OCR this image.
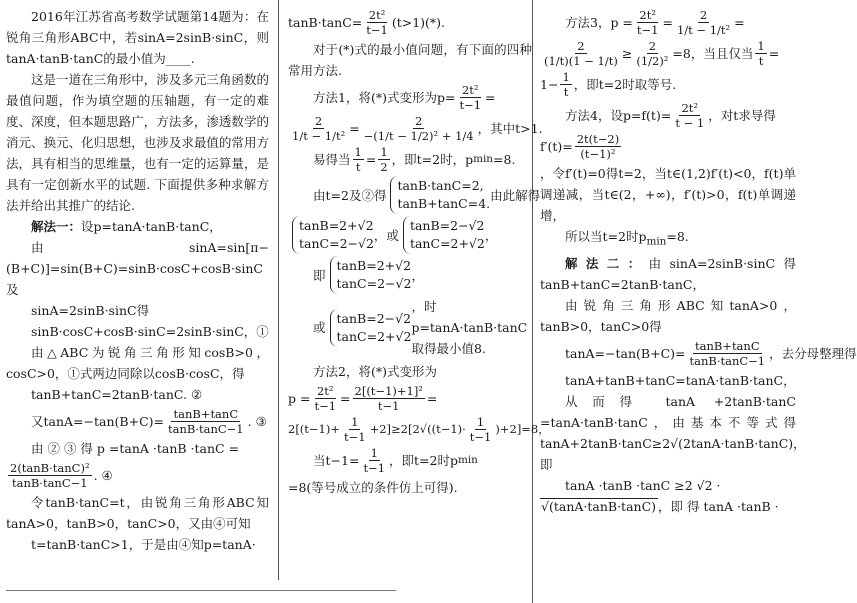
2016年江苏省高考数学试题第14题为：在锐角三角形ABC中，若sinA=2sinB·sinC，则tanA·tanB·tanC的最小值为____.

这是一道在三角形中，涉及多元三角函数的最值问题，作为填空题的压轴题，有一定的难度、深度，但本题思路广，方法多，渗透数学的消元、换元、化归思想，也涉及求最值的常用方法，具有相当的思维量，也有一定的运算量，是具有一定创新水平的试题. 下面提供多种求解方法并给出其推广的结论.

解法一：设p=tanA·tanB·tanC，

由sinA=sin[π−(B+C)]=sin(B+C)=sinB·cosC+cosB·sinC及

sinA=2sinB·sinC得

sinB·cosC+cosB·sinC=2sinB·sinC，①

由△ABC为锐角三角形知cosB>0，cosC>0，①式两边同除以cosB·cosC，得

tanB+tanC=2tanB·tanC. ②

又$\tan A=-\tan(B+C)= \frac{\tan B+\tan C}{\tan B\cdot\tan C-1}$ . ③

由 ② ③ 得 p =tanA ·tanB ·tanC =

$\frac{\text{2(tanB·tanC)²}}{\tan B\cdot\tan C-1}$ . ④

令tanB·tanC=t，由锐角三角形ABC知tanA>0，tanB>0，tanC>0，又由④可知

t=tanB·tanC>1，于是由④知p=tanA·

$\tan B\cdot\tan C= \frac{\text{2t²}}{t-1} (t>1)(*)$.

对于(*)式的最小值问题，有下面的四种常用方法.

方法1，将(*)式变形为$p= \frac{\text{2t²}}{t-1}$ =
$\frac{2}{\text{1/t − 1/t²}} = \frac{2}{\text{−(1/t − 1/2)² + 1/4}}$ ，其中t>1.
易得当 $\frac{1}{t} = \frac{1}{2}$ ，即t=2时，p min =8.
由t=2及②得
tanB·tanC=2,
tanB+tanC=4.
由此解得
tanB=2+√2
tanC=2−√2
，或
tanB=2−√2
tanC=2+√2
，
即
tanB=2+√2
tanC=2−√2
，
或
tanB=2−√2
tanC=2+√2
，时p=tanA·tanB·tanC取得最小值8.

方法2，将(*)式变形为

$p = \frac{\text{2t²}}{t-1} = \frac{\text{2[(t−1)+1]²}}{t-1}$ =
$2[(t-1)+ \frac{1}{t-1} +2]\ge 2[2√((t-1)\cdot \frac{1}{t-1} )+2]=8$，
当$t-1= \frac{1}{t-1}$ ，即t=2时p min

=8(等号成立的条件仿上可得).

方法3，$p = \frac{\text{2t²}}{t-1} = \frac{2}{\text{1/t − 1/t²}}$ =
$\frac{2}{(1/t)(1 - 1/t)} \ge \frac{2}{\text{(1/2)²}} =8$，当且仅当 $\frac{1}{t}$ =
$1- \frac{1}{t}$ ，即t=2时取等号.
方法4，设$p=f(t)= \frac{\text{2t²}}{t - 1}$ ，对t求导得
$f'(t)= \frac{2t(t-2)}{\text{(t−1)²}}$

，令f′(t)=0得t=2，当t∈(1,2)f′(t)<0，f(t)单调递减，当t∈(2，+∞)，f′(t)>0，f(t)单调递增，

所以当t=2时$p_{min}=8$.

解法二：由sinA=2sinB·sinC得tanB+tanC=2tanB·tanC，

由锐角三角形ABC知tanA>0，tanB>0，tanC>0得

$\tan A=-\tan(B+C)= \frac{\tan B+\tan C}{\tan B\cdot\tan C-1}$ ，去分母整理得

tanA+tanB+tanC=tanA·tanB·tanC，

从而得 tanA +2tanB·tanC =tanA·tanB·tanC，由基本不等式得tanA+2tanB·tanC≥2√(2tanA·tanB·tanC)，即

tanA ·tanB ·tanC ≥2 √2 ·

√(tanA·tanB·tanC) ，即 得 tanA ·tanB ·
